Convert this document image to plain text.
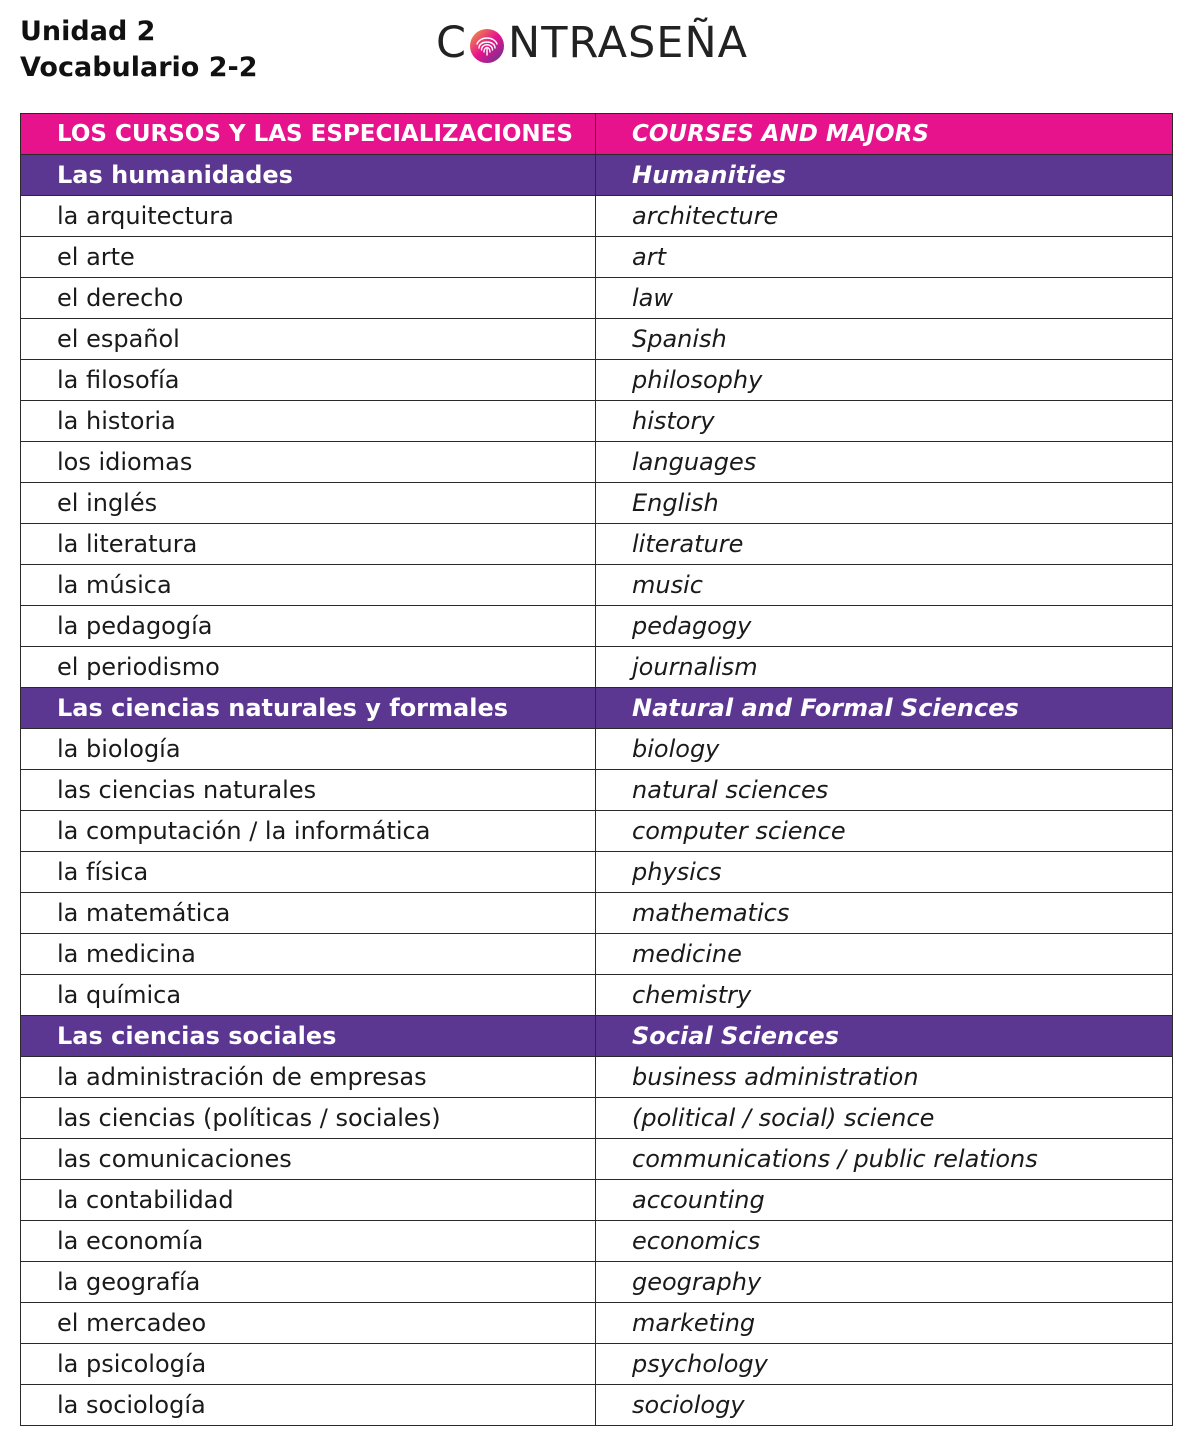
Unidad 2
Vocabulario 2-2	C NTRASEÑA
LOS CURSOS Y LAS ESPECIALIZACIONES	COURSES AND MAJORS
Las humanidades	Humanities
la arquitectura	architecture
el arte	art
el derecho	law
el español	Spanish
la filosofía	philosophy
la historia	history
los idiomas	languages
el inglés	English
la literatura	literature
la música	music
la pedagogía	pedagogy
el periodismo	journalism
Las ciencias naturales y formales	Natural and Formal Sciences
la biología	biology
las ciencias naturales	natural sciences
la computación / la informática	computer science
la física	physics
la matemática	mathematics
la medicina	medicine
la química	chemistry
Las ciencias sociales	Social Sciences
la administración de empresas	business administration
las ciencias (políticas / sociales)	(political / social) science
las comunicaciones	communications / public relations
la contabilidad	accounting
la economía	economics
la geografía	geography
el mercadeo	marketing
la psicología	psychology
la sociología	sociology
